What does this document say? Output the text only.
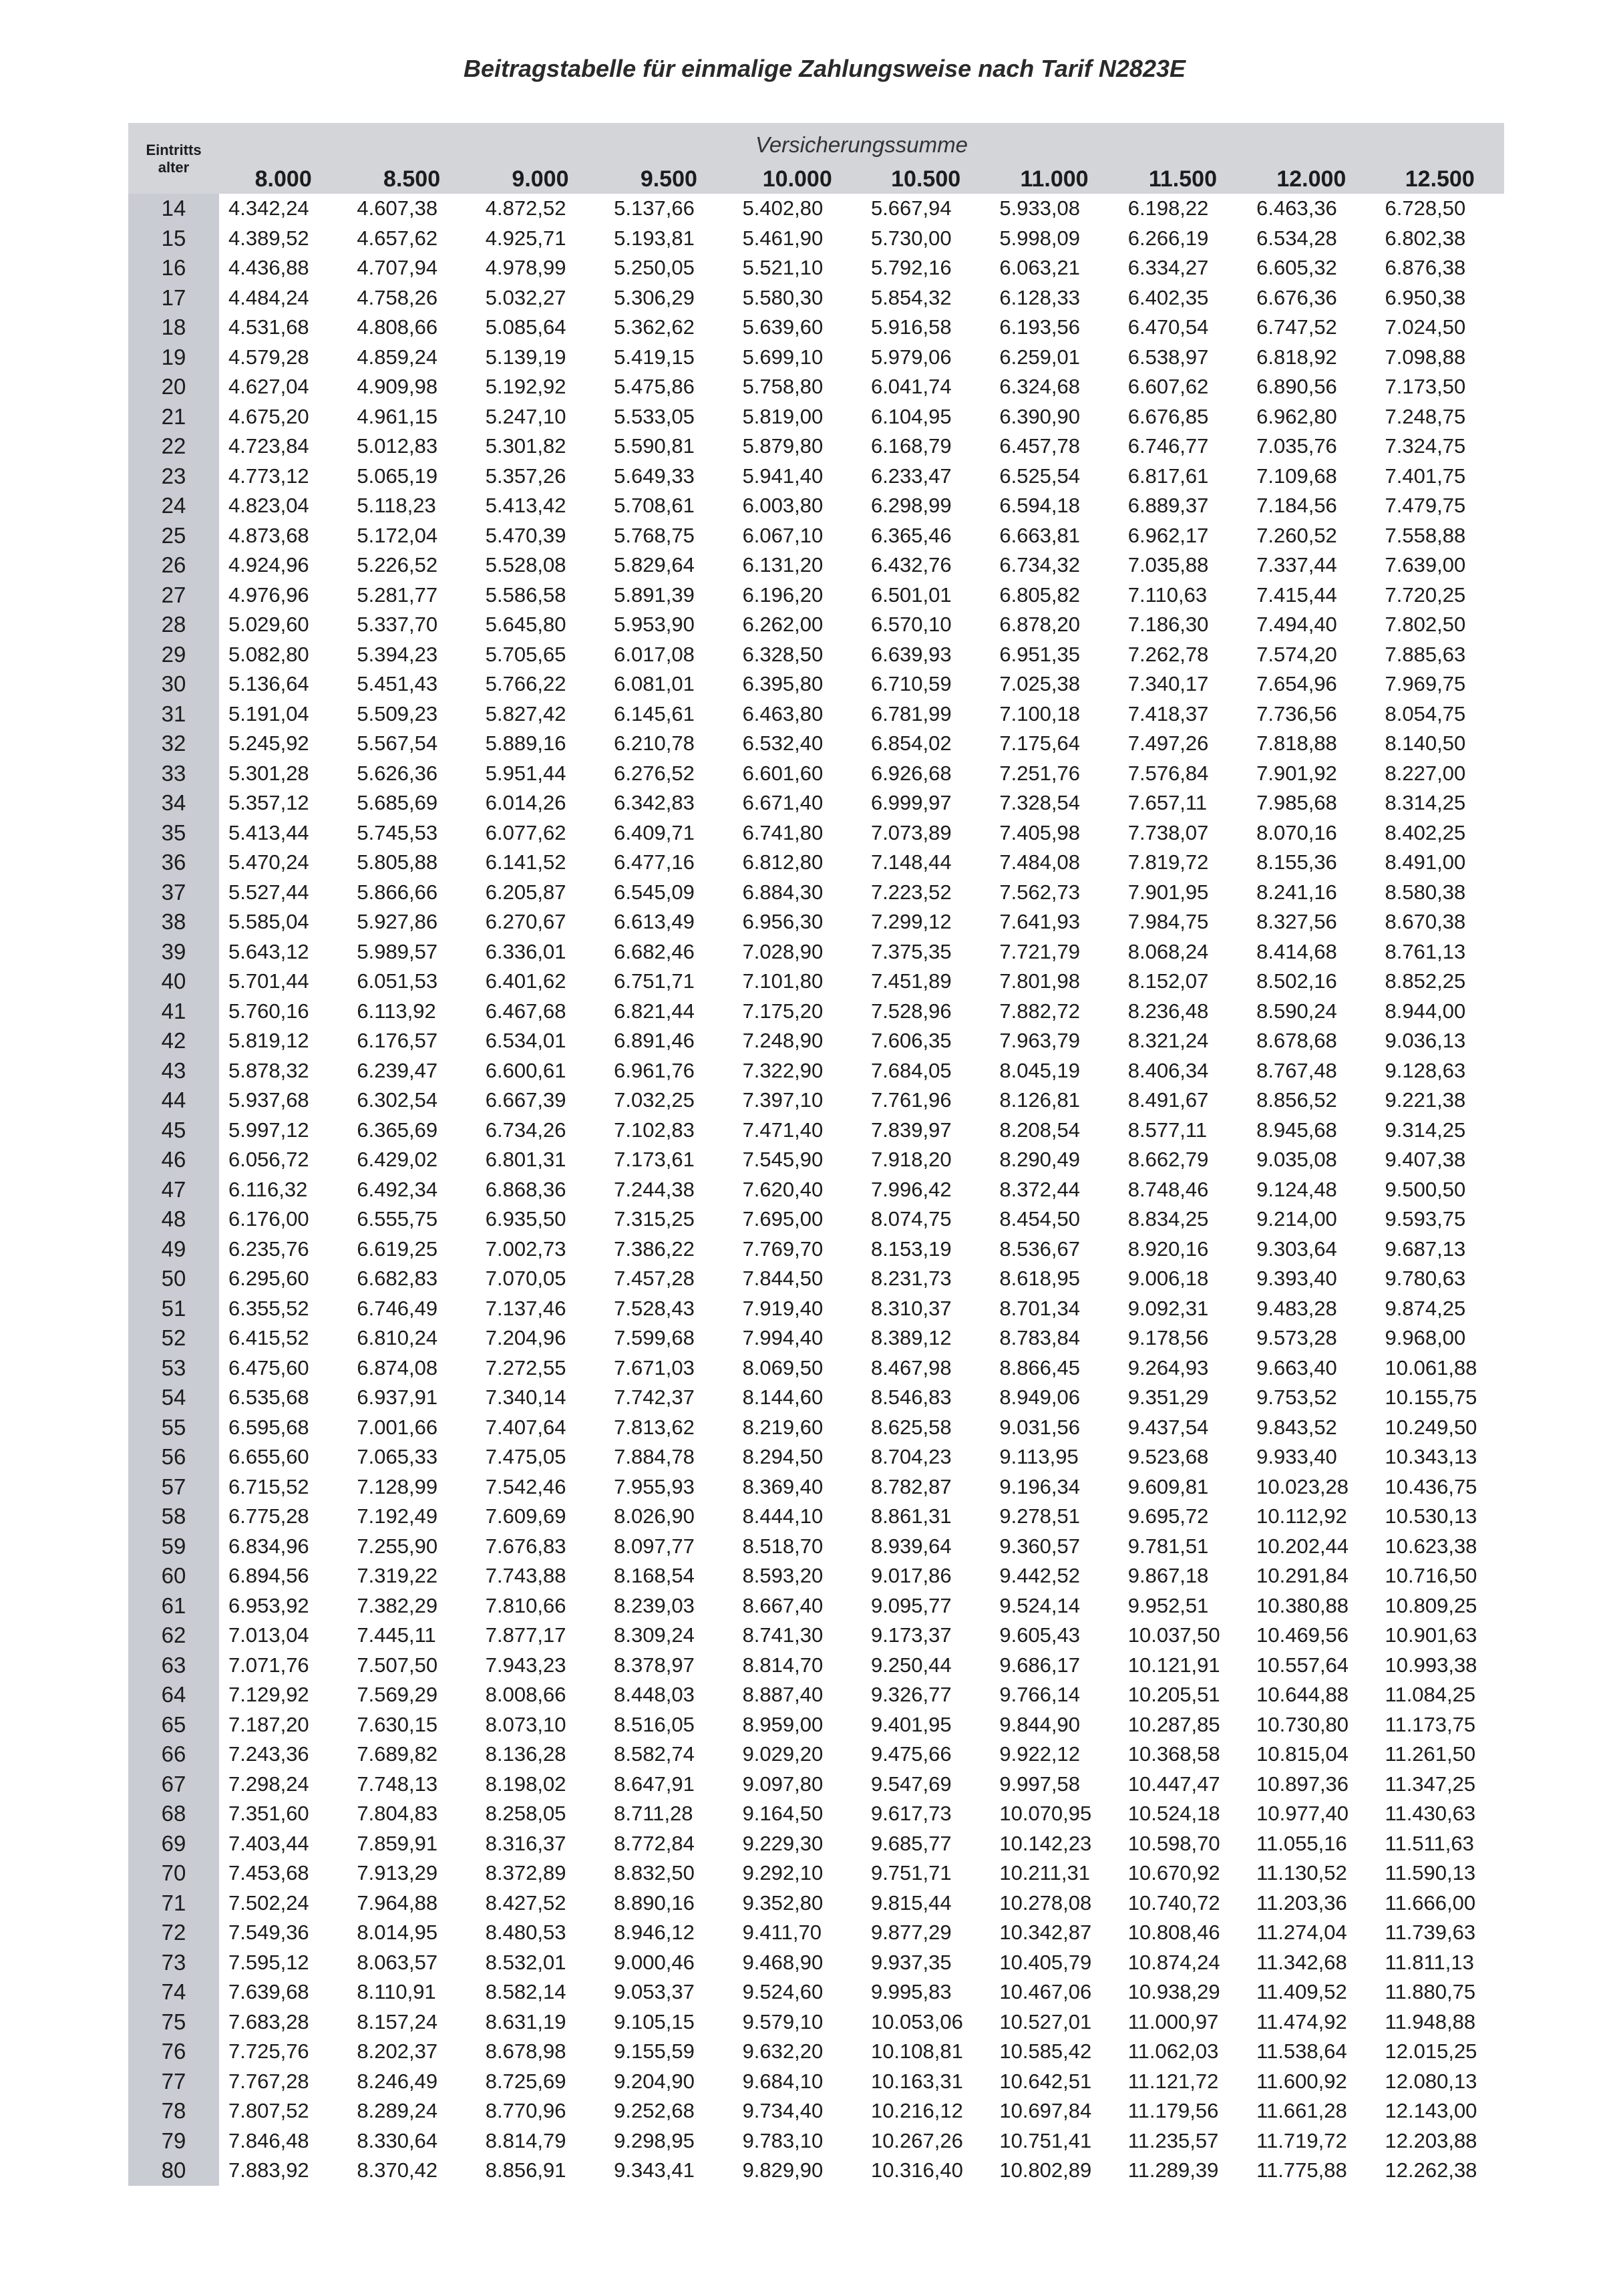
Beitragstabelle für einmalige Zahlungsweise nach Tarif N2823E
Eintritts	Versicherungssumme									
alter	8.000	8.500	9.000	9.500	10.000	10.500	11.000	11.500	12.000	12.500
14	4.342,24	4.607,38	4.872,52	5.137,66	5.402,80	5.667,94	5.933,08	6.198,22	6.463,36	6.728,50
15	4.389,52	4.657,62	4.925,71	5.193,81	5.461,90	5.730,00	5.998,09	6.266,19	6.534,28	6.802,38
16	4.436,88	4.707,94	4.978,99	5.250,05	5.521,10	5.792,16	6.063,21	6.334,27	6.605,32	6.876,38
17	4.484,24	4.758,26	5.032,27	5.306,29	5.580,30	5.854,32	6.128,33	6.402,35	6.676,36	6.950,38
18	4.531,68	4.808,66	5.085,64	5.362,62	5.639,60	5.916,58	6.193,56	6.470,54	6.747,52	7.024,50
19	4.579,28	4.859,24	5.139,19	5.419,15	5.699,10	5.979,06	6.259,01	6.538,97	6.818,92	7.098,88
20	4.627,04	4.909,98	5.192,92	5.475,86	5.758,80	6.041,74	6.324,68	6.607,62	6.890,56	7.173,50
21	4.675,20	4.961,15	5.247,10	5.533,05	5.819,00	6.104,95	6.390,90	6.676,85	6.962,80	7.248,75
22	4.723,84	5.012,83	5.301,82	5.590,81	5.879,80	6.168,79	6.457,78	6.746,77	7.035,76	7.324,75
23	4.773,12	5.065,19	5.357,26	5.649,33	5.941,40	6.233,47	6.525,54	6.817,61	7.109,68	7.401,75
24	4.823,04	5.118,23	5.413,42	5.708,61	6.003,80	6.298,99	6.594,18	6.889,37	7.184,56	7.479,75
25	4.873,68	5.172,04	5.470,39	5.768,75	6.067,10	6.365,46	6.663,81	6.962,17	7.260,52	7.558,88
26	4.924,96	5.226,52	5.528,08	5.829,64	6.131,20	6.432,76	6.734,32	7.035,88	7.337,44	7.639,00
27	4.976,96	5.281,77	5.586,58	5.891,39	6.196,20	6.501,01	6.805,82	7.110,63	7.415,44	7.720,25
28	5.029,60	5.337,70	5.645,80	5.953,90	6.262,00	6.570,10	6.878,20	7.186,30	7.494,40	7.802,50
29	5.082,80	5.394,23	5.705,65	6.017,08	6.328,50	6.639,93	6.951,35	7.262,78	7.574,20	7.885,63
30	5.136,64	5.451,43	5.766,22	6.081,01	6.395,80	6.710,59	7.025,38	7.340,17	7.654,96	7.969,75
31	5.191,04	5.509,23	5.827,42	6.145,61	6.463,80	6.781,99	7.100,18	7.418,37	7.736,56	8.054,75
32	5.245,92	5.567,54	5.889,16	6.210,78	6.532,40	6.854,02	7.175,64	7.497,26	7.818,88	8.140,50
33	5.301,28	5.626,36	5.951,44	6.276,52	6.601,60	6.926,68	7.251,76	7.576,84	7.901,92	8.227,00
34	5.357,12	5.685,69	6.014,26	6.342,83	6.671,40	6.999,97	7.328,54	7.657,11	7.985,68	8.314,25
35	5.413,44	5.745,53	6.077,62	6.409,71	6.741,80	7.073,89	7.405,98	7.738,07	8.070,16	8.402,25
36	5.470,24	5.805,88	6.141,52	6.477,16	6.812,80	7.148,44	7.484,08	7.819,72	8.155,36	8.491,00
37	5.527,44	5.866,66	6.205,87	6.545,09	6.884,30	7.223,52	7.562,73	7.901,95	8.241,16	8.580,38
38	5.585,04	5.927,86	6.270,67	6.613,49	6.956,30	7.299,12	7.641,93	7.984,75	8.327,56	8.670,38
39	5.643,12	5.989,57	6.336,01	6.682,46	7.028,90	7.375,35	7.721,79	8.068,24	8.414,68	8.761,13
40	5.701,44	6.051,53	6.401,62	6.751,71	7.101,80	7.451,89	7.801,98	8.152,07	8.502,16	8.852,25
41	5.760,16	6.113,92	6.467,68	6.821,44	7.175,20	7.528,96	7.882,72	8.236,48	8.590,24	8.944,00
42	5.819,12	6.176,57	6.534,01	6.891,46	7.248,90	7.606,35	7.963,79	8.321,24	8.678,68	9.036,13
43	5.878,32	6.239,47	6.600,61	6.961,76	7.322,90	7.684,05	8.045,19	8.406,34	8.767,48	9.128,63
44	5.937,68	6.302,54	6.667,39	7.032,25	7.397,10	7.761,96	8.126,81	8.491,67	8.856,52	9.221,38
45	5.997,12	6.365,69	6.734,26	7.102,83	7.471,40	7.839,97	8.208,54	8.577,11	8.945,68	9.314,25
46	6.056,72	6.429,02	6.801,31	7.173,61	7.545,90	7.918,20	8.290,49	8.662,79	9.035,08	9.407,38
47	6.116,32	6.492,34	6.868,36	7.244,38	7.620,40	7.996,42	8.372,44	8.748,46	9.124,48	9.500,50
48	6.176,00	6.555,75	6.935,50	7.315,25	7.695,00	8.074,75	8.454,50	8.834,25	9.214,00	9.593,75
49	6.235,76	6.619,25	7.002,73	7.386,22	7.769,70	8.153,19	8.536,67	8.920,16	9.303,64	9.687,13
50	6.295,60	6.682,83	7.070,05	7.457,28	7.844,50	8.231,73	8.618,95	9.006,18	9.393,40	9.780,63
51	6.355,52	6.746,49	7.137,46	7.528,43	7.919,40	8.310,37	8.701,34	9.092,31	9.483,28	9.874,25
52	6.415,52	6.810,24	7.204,96	7.599,68	7.994,40	8.389,12	8.783,84	9.178,56	9.573,28	9.968,00
53	6.475,60	6.874,08	7.272,55	7.671,03	8.069,50	8.467,98	8.866,45	9.264,93	9.663,40	10.061,88
54	6.535,68	6.937,91	7.340,14	7.742,37	8.144,60	8.546,83	8.949,06	9.351,29	9.753,52	10.155,75
55	6.595,68	7.001,66	7.407,64	7.813,62	8.219,60	8.625,58	9.031,56	9.437,54	9.843,52	10.249,50
56	6.655,60	7.065,33	7.475,05	7.884,78	8.294,50	8.704,23	9.113,95	9.523,68	9.933,40	10.343,13
57	6.715,52	7.128,99	7.542,46	7.955,93	8.369,40	8.782,87	9.196,34	9.609,81	10.023,28	10.436,75
58	6.775,28	7.192,49	7.609,69	8.026,90	8.444,10	8.861,31	9.278,51	9.695,72	10.112,92	10.530,13
59	6.834,96	7.255,90	7.676,83	8.097,77	8.518,70	8.939,64	9.360,57	9.781,51	10.202,44	10.623,38
60	6.894,56	7.319,22	7.743,88	8.168,54	8.593,20	9.017,86	9.442,52	9.867,18	10.291,84	10.716,50
61	6.953,92	7.382,29	7.810,66	8.239,03	8.667,40	9.095,77	9.524,14	9.952,51	10.380,88	10.809,25
62	7.013,04	7.445,11	7.877,17	8.309,24	8.741,30	9.173,37	9.605,43	10.037,50	10.469,56	10.901,63
63	7.071,76	7.507,50	7.943,23	8.378,97	8.814,70	9.250,44	9.686,17	10.121,91	10.557,64	10.993,38
64	7.129,92	7.569,29	8.008,66	8.448,03	8.887,40	9.326,77	9.766,14	10.205,51	10.644,88	11.084,25
65	7.187,20	7.630,15	8.073,10	8.516,05	8.959,00	9.401,95	9.844,90	10.287,85	10.730,80	11.173,75
66	7.243,36	7.689,82	8.136,28	8.582,74	9.029,20	9.475,66	9.922,12	10.368,58	10.815,04	11.261,50
67	7.298,24	7.748,13	8.198,02	8.647,91	9.097,80	9.547,69	9.997,58	10.447,47	10.897,36	11.347,25
68	7.351,60	7.804,83	8.258,05	8.711,28	9.164,50	9.617,73	10.070,95	10.524,18	10.977,40	11.430,63
69	7.403,44	7.859,91	8.316,37	8.772,84	9.229,30	9.685,77	10.142,23	10.598,70	11.055,16	11.511,63
70	7.453,68	7.913,29	8.372,89	8.832,50	9.292,10	9.751,71	10.211,31	10.670,92	11.130,52	11.590,13
71	7.502,24	7.964,88	8.427,52	8.890,16	9.352,80	9.815,44	10.278,08	10.740,72	11.203,36	11.666,00
72	7.549,36	8.014,95	8.480,53	8.946,12	9.411,70	9.877,29	10.342,87	10.808,46	11.274,04	11.739,63
73	7.595,12	8.063,57	8.532,01	9.000,46	9.468,90	9.937,35	10.405,79	10.874,24	11.342,68	11.811,13
74	7.639,68	8.110,91	8.582,14	9.053,37	9.524,60	9.995,83	10.467,06	10.938,29	11.409,52	11.880,75
75	7.683,28	8.157,24	8.631,19	9.105,15	9.579,10	10.053,06	10.527,01	11.000,97	11.474,92	11.948,88
76	7.725,76	8.202,37	8.678,98	9.155,59	9.632,20	10.108,81	10.585,42	11.062,03	11.538,64	12.015,25
77	7.767,28	8.246,49	8.725,69	9.204,90	9.684,10	10.163,31	10.642,51	11.121,72	11.600,92	12.080,13
78	7.807,52	8.289,24	8.770,96	9.252,68	9.734,40	10.216,12	10.697,84	11.179,56	11.661,28	12.143,00
79	7.846,48	8.330,64	8.814,79	9.298,95	9.783,10	10.267,26	10.751,41	11.235,57	11.719,72	12.203,88
80	7.883,92	8.370,42	8.856,91	9.343,41	9.829,90	10.316,40	10.802,89	11.289,39	11.775,88	12.262,38
